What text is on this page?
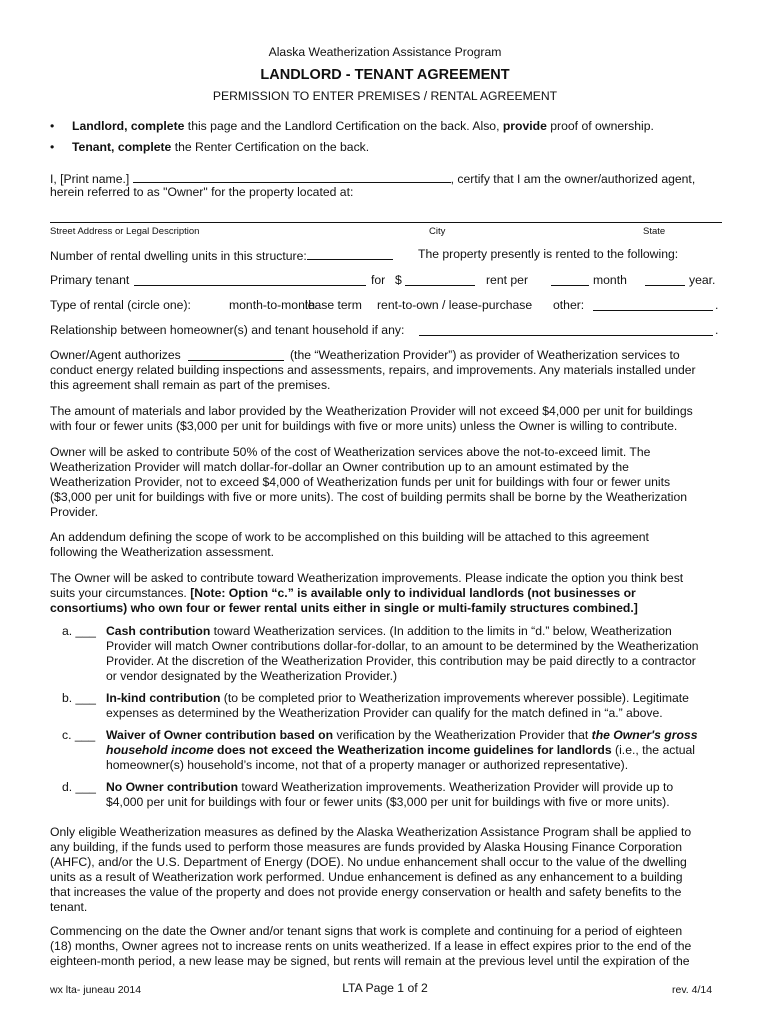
Alaska Weatherization Assistance Program
LANDLORD - TENANT AGREEMENT
PERMISSION TO ENTER PREMISES / RENTAL AGREEMENT
• Landlord, complete this page and the Landlord Certification on the back. Also, provide proof of ownership.
• Tenant, complete the Renter Certification on the back.
I, [Print name.]	, certify that I am the owner/authorized agent,
herein referred to as "Owner" for the property located at:
Street Address or Legal Description	City	State
Number of rental dwelling units in this structure:	The property presently is rented to the following:
Primary tenant	for $	rent per	month	year.
Type of rental (circle one):	month-to-month
lease term rent-to-own / lease-purchase other:	.
Relationship between homeowner(s) and tenant household if any:	.
Owner/Agent authorizes	(the “Weatherization Provider”) as provider of Weatherization services to
conduct energy related building inspections and assessments, repairs, and improvements. Any materials installed under
this agreement shall remain as part of the premises.
The amount of materials and labor provided by the Weatherization Provider will not exceed $4,000 per unit for buildings
with four or fewer units ($3,000 per unit for buildings with five or more units) unless the Owner is willing to contribute.
Owner will be asked to contribute 50% of the cost of Weatherization services above the not-to-exceed limit. The
Weatherization Provider will match dollar-for-dollar an Owner contribution up to an amount estimated by the
Weatherization Provider, not to exceed $4,000 of Weatherization funds per unit for buildings with four or fewer units
($3,000 per unit for buildings with five or more units). The cost of building permits shall be borne by the Weatherization
Provider.
An addendum defining the scope of work to be accomplished on this building will be attached to this agreement
following the Weatherization assessment.
The Owner will be asked to contribute toward Weatherization improvements. Please indicate the option you think best
suits your circumstances. [Note: Option “c.” is available only to individual landlords (not businesses or
consortiums) who own four or fewer rental units either in single or multi-family structures combined.]
a. ___ Cash contribution toward Weatherization services. (In addition to the limits in “d.” below, Weatherization
Provider will match Owner contributions dollar-for-dollar, to an amount to be determined by the Weatherization
Provider. At the discretion of the Weatherization Provider, this contribution may be paid directly to a contractor
or vendor designated by the Weatherization Provider.)
b. ___ In-kind contribution (to be completed prior to Weatherization improvements wherever possible). Legitimate
expenses as determined by the Weatherization Provider can qualify for the match defined in “a.” above.
c. ___ Waiver of Owner contribution based on verification by the Weatherization Provider that the Owner's gross
household income does not exceed the Weatherization income guidelines for landlords (i.e., the actual
homeowner(s) household’s income, not that of a property manager or authorized representative).
d. ___ No Owner contribution toward Weatherization improvements. Weatherization Provider will provide up to
$4,000 per unit for buildings with four or fewer units ($3,000 per unit for buildings with five or more units).
Only eligible Weatherization measures as defined by the Alaska Weatherization Assistance Program shall be applied to
any building, if the funds used to perform those measures are funds provided by Alaska Housing Finance Corporation
(AHFC), and/or the U.S. Department of Energy (DOE). No undue enhancement shall occur to the value of the dwelling
units as a result of Weatherization work performed. Undue enhancement is defined as any enhancement to a building
that increases the value of the property and does not provide energy conservation or health and safety benefits to the
tenant.
Commencing on the date the Owner and/or tenant signs that work is complete and continuing for a period of eighteen
(18) months, Owner agrees not to increase rents on units weatherized. If a lease in effect expires prior to the end of the
eighteen-month period, a new lease may be signed, but rents will remain at the previous level until the expiration of the
wx lta- juneau 2014	LTA Page 1 of 2	rev. 4/14
